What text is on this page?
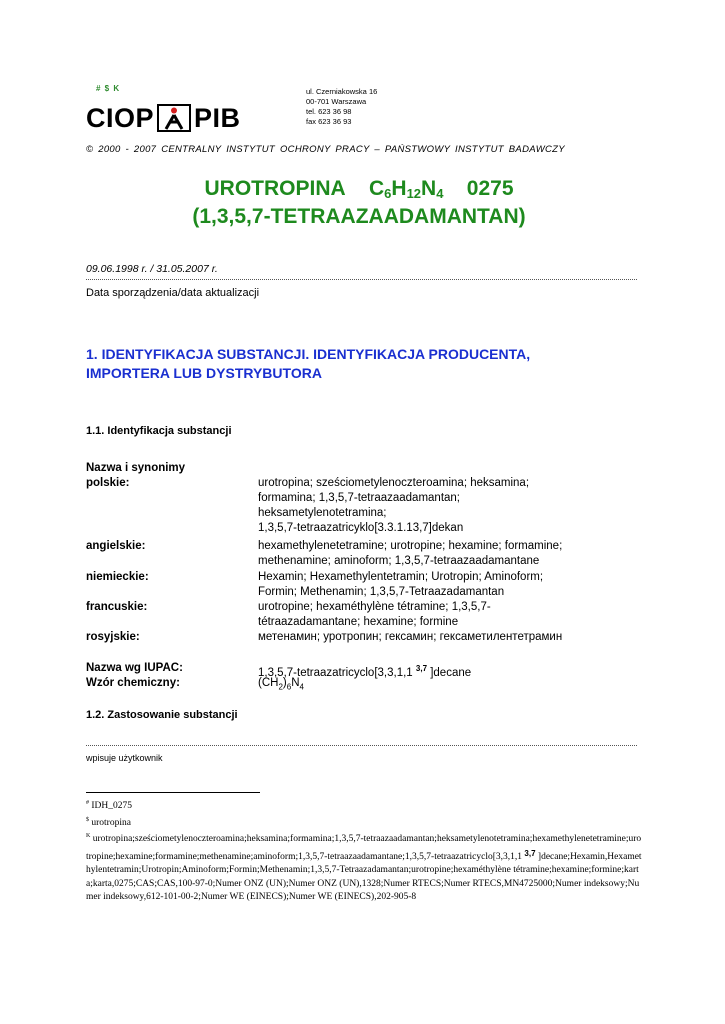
# $ K
CIOP PIB
ul. Czerniakowska 16
00-701 Warszawa
tel. 623 36 98
fax 623 36 93
© 2000 - 2007 CENTRALNY INSTYTUT OCHRONY PRACY – PAŃSTWOWY INSTYTUT BADAWCZY
UROTROPINA $C_6H_{12}N_4$ 0275
(1,3,5,7-TETRAAZAADAMANTAN)
09.06.1998 r. / 31.05.2007 r.
Data sporządzenia/data aktualizacji
1. IDENTYFIKACJA SUBSTANCJI. IDENTYFIKACJA PRODUCENTA,
IMPORTERA LUB DYSTRYBUTORA
1.1. Identyfikacja substancji
Nazwa i synonimy
polskie:	urotropina; sześciometylenoczteroamina; heksamina;
formamina; 1,3,5,7-tetraazaadamantan;
heksametylenotetramina;
1,3,5,7-tetraazatricyklo[3.3.1.13,7]dekan
angielskie:	hexamethylenetetramine; urotropine; hexamine; formamine;
methenamine; aminoform; 1,3,5,7-tetraazaadamantane
niemieckie:	Hexamin; Hexamethylentetramin; Urotropin; Aminoform;
Formin; Methenamin; 1,3,5,7-Tetraazadamantan
francuskie:	urotropine; hexaméthylène tétramine; 1,3,5,7-
tétraazadamantane; hexamine; formine
rosyjskie:	метенамин; уротропин; гексамин; гексаметилентетрамин
Nazwa wg IUPAC:	1,3,5,7-tetraazatricyclo[3,3,1,1 $^{3,7}$ ]decane
Wzór chemiczny:	$(CH_2)_6N_4$
1.2. Zastosowanie substancji
wpisuje użytkownik

# IDH_0275

$ urotropina

$^K$ urotropina;sześciometylenoczteroamina;heksamina;formamina;1,3,5,7-tetraazaadamantan;heksametylenotetramina;hexamethylenetetramine;urotropine;hexamine;formamine;methenamine;aminoform;1,3,5,7-tetraazaadamantane;1,3,5,7-tetraazatricyclo[3,3,1,1 $^{3,7}$ ]decane;Hexamin,Hexamethylentetramin;Urotropin;Aminoform;Formin;Methenamin;1,3,5,7-Tetraazadamantan;urotropine;hexaméthylène tétramine;hexamine;formine;karta;karta,0275;CAS;CAS,100-97-0;Numer ONZ (UN);Numer ONZ (UN),1328;Numer RTECS;Numer RTECS,MN4725000;Numer indeksowy;Numer indeksowy,612-101-00-2;Numer WE (EINECS);Numer WE (EINECS),202-905-8
